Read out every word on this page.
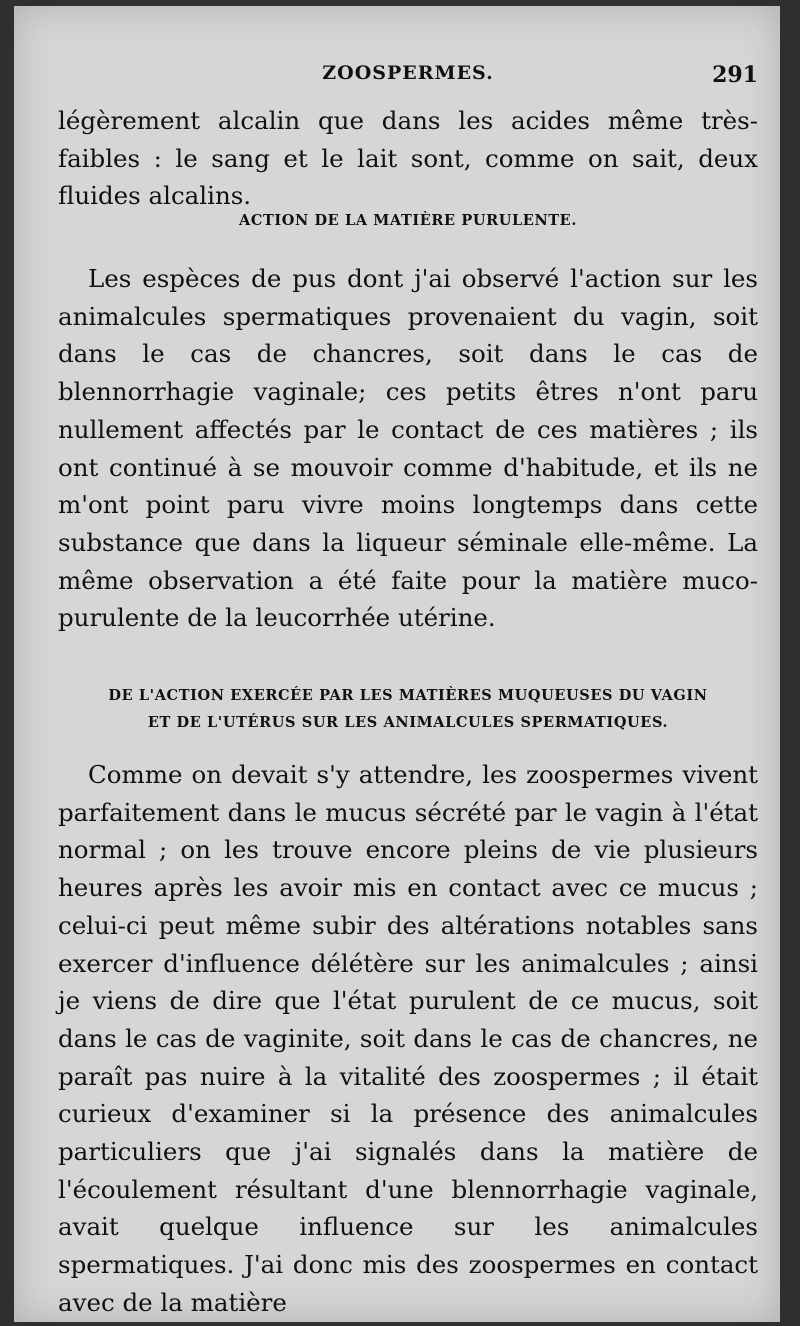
ZOOSPERMES.	291

légèrement alcalin que dans les acides même très-faibles : le sang et le lait sont, comme on sait, deux fluides alcalins.

ACTION DE LA MATIÈRE PURULENTE.

Les espèces de pus dont j'ai observé l'action sur les animalcules spermatiques provenaient du vagin, soit dans le cas de chancres, soit dans le cas de blennorrhagie vaginale; ces petits êtres n'ont paru nullement affectés par le contact de ces matières ; ils ont continué à se mouvoir comme d'habitude, et ils ne m'ont point paru vivre moins longtemps dans cette substance que dans la liqueur séminale elle-même. La même observation a été faite pour la matière muco-purulente de la leucorrhée utérine.

DE L'ACTION EXERCÉE PAR LES MATIÈRES MUQUEUSES DU VAGIN
ET DE L'UTÉRUS SUR LES ANIMALCULES SPERMATIQUES.

Comme on devait s'y attendre, les zoospermes vivent parfaitement dans le mucus sécrété par le vagin à l'état normal ; on les trouve encore pleins de vie plusieurs heures après les avoir mis en contact avec ce mucus ; celui-ci peut même subir des altérations notables sans exercer d'influence délétère sur les animalcules ; ainsi je viens de dire que l'état purulent de ce mucus, soit dans le cas de vaginite, soit dans le cas de chancres, ne paraît pas nuire à la vitalité des zoospermes ; il était curieux d'examiner si la présence des animalcules particuliers que j'ai signalés dans la matière de l'écoulement résultant d'une blennorrhagie vaginale, avait quelque influence sur les animalcules spermatiques. J'ai donc mis des zoospermes en contact avec de la matière
